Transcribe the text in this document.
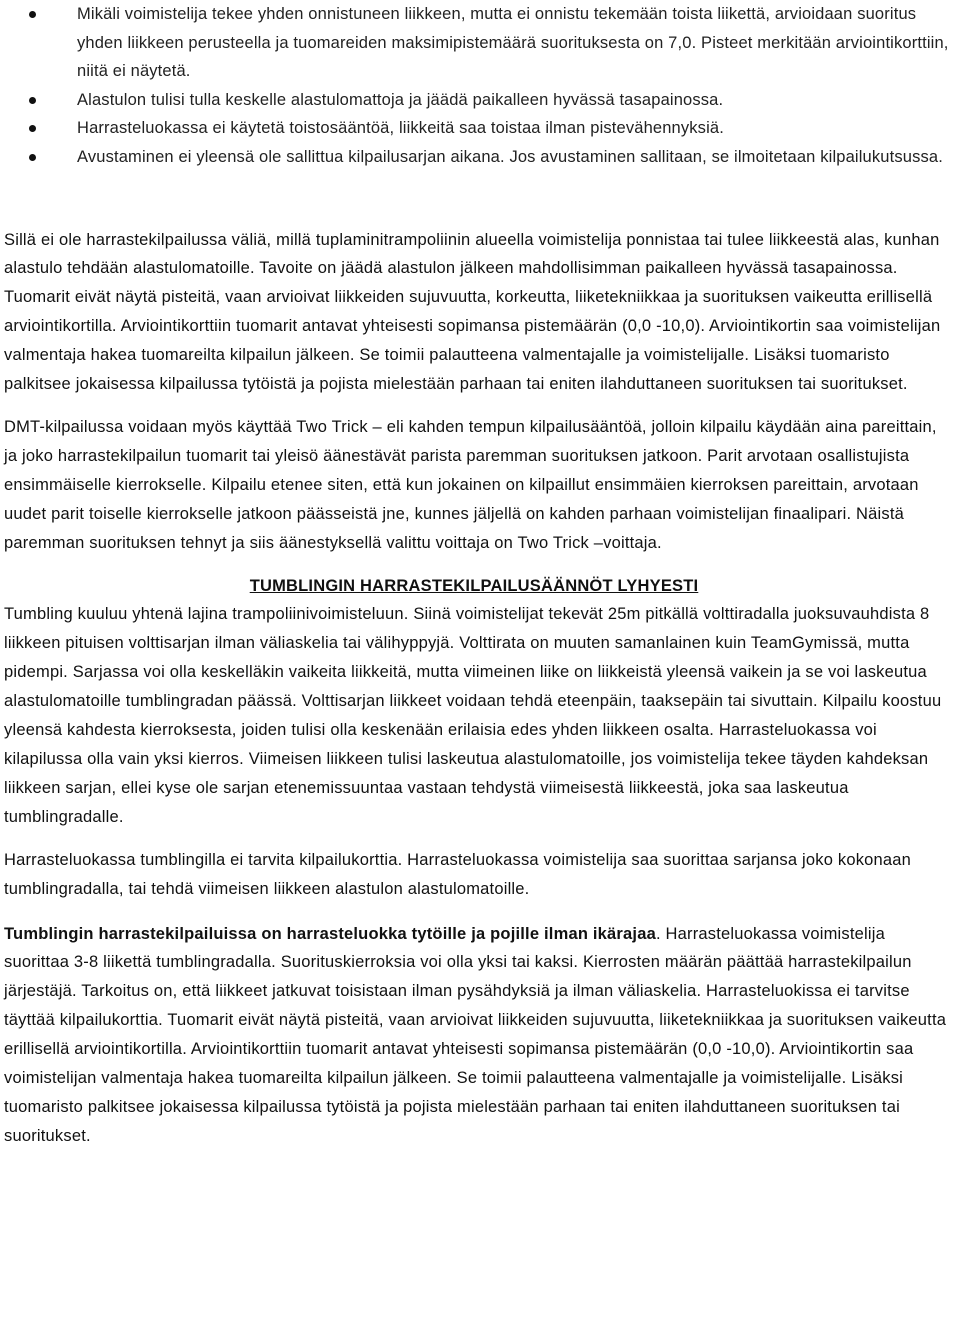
Mikäli voimistelija tekee yhden onnistuneen liikkeen, mutta ei onnistu tekemään toista liikettä, arvioidaan suoritus yhden liikkeen perusteella ja tuomareiden maksimipistemäärä suorituksesta on 7,0. Pisteet merkitään arviointikorttiin, niitä ei näytetä.
Alastulon tulisi tulla keskelle alastulomattoja ja jäädä paikalleen hyvässä tasapainossa.
Harrasteluokassa ei käytetä toistosääntöä, liikkeitä saa toistaa ilman pistevähennyksiä.
Avustaminen ei yleensä ole sallittua kilpailusarjan aikana. Jos avustaminen sallitaan, se ilmoitetaan kilpailukutsussa.

Sillä ei ole harrastekilpailussa väliä, millä tuplaminitrampoliinin alueella voimistelija ponnistaa tai tulee liikkeestä alas, kunhan alastulo tehdään alastulomatoille. Tavoite on jäädä alastulon jälkeen mahdollisimman paikalleen hyvässä tasapainossa. Tuomarit eivät näytä pisteitä, vaan arvioivat liikkeiden sujuvuutta, korkeutta, liiketekniikkaa ja suorituksen vaikeutta erillisellä arviointikortilla. Arviointikorttiin tuomarit antavat yhteisesti sopimansa pistemäärän (0,0 -10,0). Arviointikortin saa voimistelijan valmentaja hakea tuomareilta kilpailun jälkeen. Se toimii palautteena valmentajalle ja voimistelijalle. Lisäksi tuomaristo palkitsee jokaisessa kilpailussa tytöistä ja pojista mielestään parhaan tai eniten ilahduttaneen suorituksen tai suoritukset.

DMT-kilpailussa voidaan myös käyttää Two Trick – eli kahden tempun kilpailusääntöä, jolloin kilpailu käydään aina pareittain, ja joko harrastekilpailun tuomarit tai yleisö äänestävät parista paremman suorituksen jatkoon. Parit arvotaan osallistujista ensimmäiselle kierrokselle. Kilpailu etenee siten, että kun jokainen on kilpaillut ensimmäien kierroksen pareittain, arvotaan uudet parit toiselle kierrokselle jatkoon päässeistä jne, kunnes jäljellä on kahden parhaan voimistelijan finaalipari. Näistä paremman suorituksen tehnyt ja siis äänestyksellä valittu voittaja on Two Trick –voittaja.

TUMBLINGIN HARRASTEKILPAILUSÄÄNNÖT LYHYESTI

Tumbling kuuluu yhtenä lajina trampoliinivoimisteluun. Siinä voimistelijat tekevät 25m pitkällä volttiradalla juoksuvauhdista 8 liikkeen pituisen volttisarjan ilman väliaskelia tai välihyppyjä. Volttirata on muuten samanlainen kuin TeamGymissä, mutta pidempi. Sarjassa voi olla keskelläkin vaikeita liikkeitä, mutta viimeinen liike on liikkeistä yleensä vaikein ja se voi laskeutua alastulomatoille tumblingradan päässä. Volttisarjan liikkeet voidaan tehdä eteenpäin, taaksepäin tai sivuttain. Kilpailu koostuu yleensä kahdesta kierroksesta, joiden tulisi olla keskenään erilaisia edes yhden liikkeen osalta. Harrasteluokassa voi kilapilussa olla vain yksi kierros. Viimeisen liikkeen tulisi laskeutua alastulomatoille, jos voimistelija tekee täyden kahdeksan liikkeen sarjan, ellei kyse ole sarjan etenemissuuntaa vastaan tehdystä viimeisestä liikkeestä, joka saa laskeutua tumblingradalle.

Harrasteluokassa tumblingilla ei tarvita kilpailukorttia. Harrasteluokassa voimistelija saa suorittaa sarjansa joko kokonaan tumblingradalla, tai tehdä viimeisen liikkeen alastulon alastulomatoille.

Tumblingin harrastekilpailuissa on harrasteluokka tytöille ja pojille ilman ikärajaa. Harrasteluokassa voimistelija suorittaa 3-8 liikettä tumblingradalla. Suorituskierroksia voi olla yksi tai kaksi. Kierrosten määrän päättää harrastekilpailun järjestäjä. Tarkoitus on, että liikkeet jatkuvat toisistaan ilman pysähdyksiä ja ilman väliaskelia. Harrasteluokissa ei tarvitse täyttää kilpailukorttia. Tuomarit eivät näytä pisteitä, vaan arvioivat liikkeiden sujuvuutta, liiketekniikkaa ja suorituksen vaikeutta erillisellä arviointikortilla. Arviointikorttiin tuomarit antavat yhteisesti sopimansa pistemäärän (0,0 -10,0). Arviointikortin saa voimistelijan valmentaja hakea tuomareilta kilpailun jälkeen. Se toimii palautteena valmentajalle ja voimistelijalle. Lisäksi tuomaristo palkitsee jokaisessa kilpailussa tytöistä ja pojista mielestään parhaan tai eniten ilahduttaneen suorituksen tai suoritukset.
